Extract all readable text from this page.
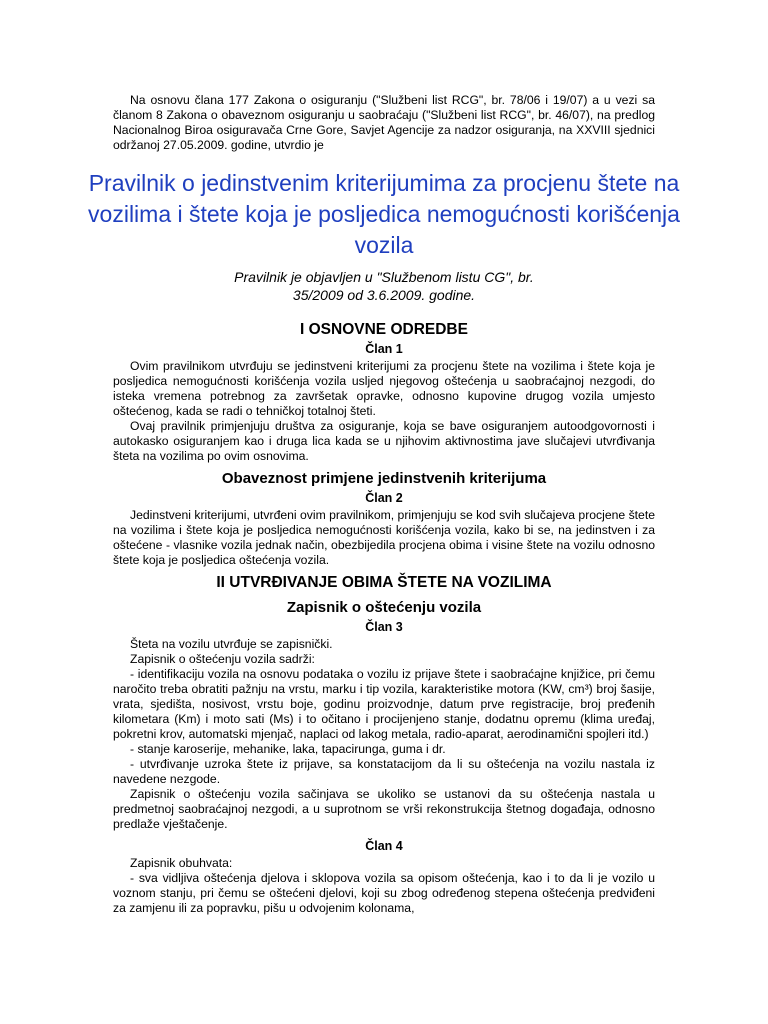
Na osnovu člana 177 Zakona o osiguranju ("Službeni list RCG", br. 78/06 i 19/07) a u vezi sa članom 8 Zakona o obaveznom osiguranju u saobraćaju ("Službeni list RCG", br. 46/07), na predlog Nacionalnog Biroa osiguravača Crne Gore, Savjet Agencije za nadzor osiguranja, na XXVIII sjednici održanoj 27.05.2009. godine, utvrdio je

Pravilnik o jedinstvenim kriterijumima za procjenu štete na vozilima i štete koja je posljedica nemogućnosti korišćenja vozila
Pravilnik je objavljen u "Službenom listu CG", br.
35/2009 od 3.6.2009. godine.
I OSNOVNE ODREDBE
Član 1

Ovim pravilnikom utvrđuju se jedinstveni kriterijumi za procjenu štete na vozilima i štete koja je posljedica nemogućnosti korišćenja vozila usljed njegovog oštećenja u saobraćajnoj nezgodi, do isteka vremena potrebnog za završetak opravke, odnosno kupovine drugog vozila umjesto oštećenog, kada se radi o tehničkoj totalnoj šteti.

Ovaj pravilnik primjenjuju društva za osiguranje, koja se bave osiguranjem autoodgovornosti i autokasko osiguranjem kao i druga lica kada se u njihovim aktivnostima jave slučajevi utvrđivanja šteta na vozilima po ovim osnovima.

Obaveznost primjene jedinstvenih kriterijuma
Član 2

Jedinstveni kriterijumi, utvrđeni ovim pravilnikom, primjenjuju se kod svih slučajeva procjene štete na vozilima i štete koja je posljedica nemogućnosti korišćenja vozila, kako bi se, na jedinstven i za oštećene - vlasnike vozila jednak način, obezbijedila procjena obima i visine štete na vozilu odnosno štete koja je posljedica oštećenja vozila.

II UTVRĐIVANJE OBIMA ŠTETE NA VOZILIMA
Zapisnik o oštećenju vozila
Član 3

Šteta na vozilu utvrđuje se zapisnički.

Zapisnik o oštećenju vozila sadrži:

- identifikaciju vozila na osnovu podataka o vozilu iz prijave štete i saobraćajne knjižice, pri čemu naročito treba obratiti pažnju na vrstu, marku i tip vozila, karakteristike motora (KW, cm³) broj šasije, vrata, sjedišta, nosivost, vrstu boje, godinu proizvodnje, datum prve registracije, broj pređenih kilometara (Km) i moto sati (Ms) i to očitano i procijenjeno stanje, dodatnu opremu (klima uređaj, pokretni krov, automatski mjenjač, naplaci od lakog metala, radio-aparat, aerodinamični spojleri itd.)

- stanje karoserije, mehanike, laka, tapacirunga, guma i dr.

- utvrđivanje uzroka štete iz prijave, sa konstatacijom da li su oštećenja na vozilu nastala iz navedene nezgode.

Zapisnik o oštećenju vozila sačinjava se ukoliko se ustanovi da su oštećenja nastala u predmetnoj saobraćajnoj nezgodi, a u suprotnom se vrši rekonstrukcija štetnog događaja, odnosno predlaže vještačenje.

Član 4

Zapisnik obuhvata:

- sva vidljiva oštećenja djelova i sklopova vozila sa opisom oštećenja, kao i to da li je vozilo u voznom stanju, pri čemu se oštećeni djelovi, koji su zbog određenog stepena oštećenja predviđeni za zamjenu ili za popravku, pišu u odvojenim kolonama,
